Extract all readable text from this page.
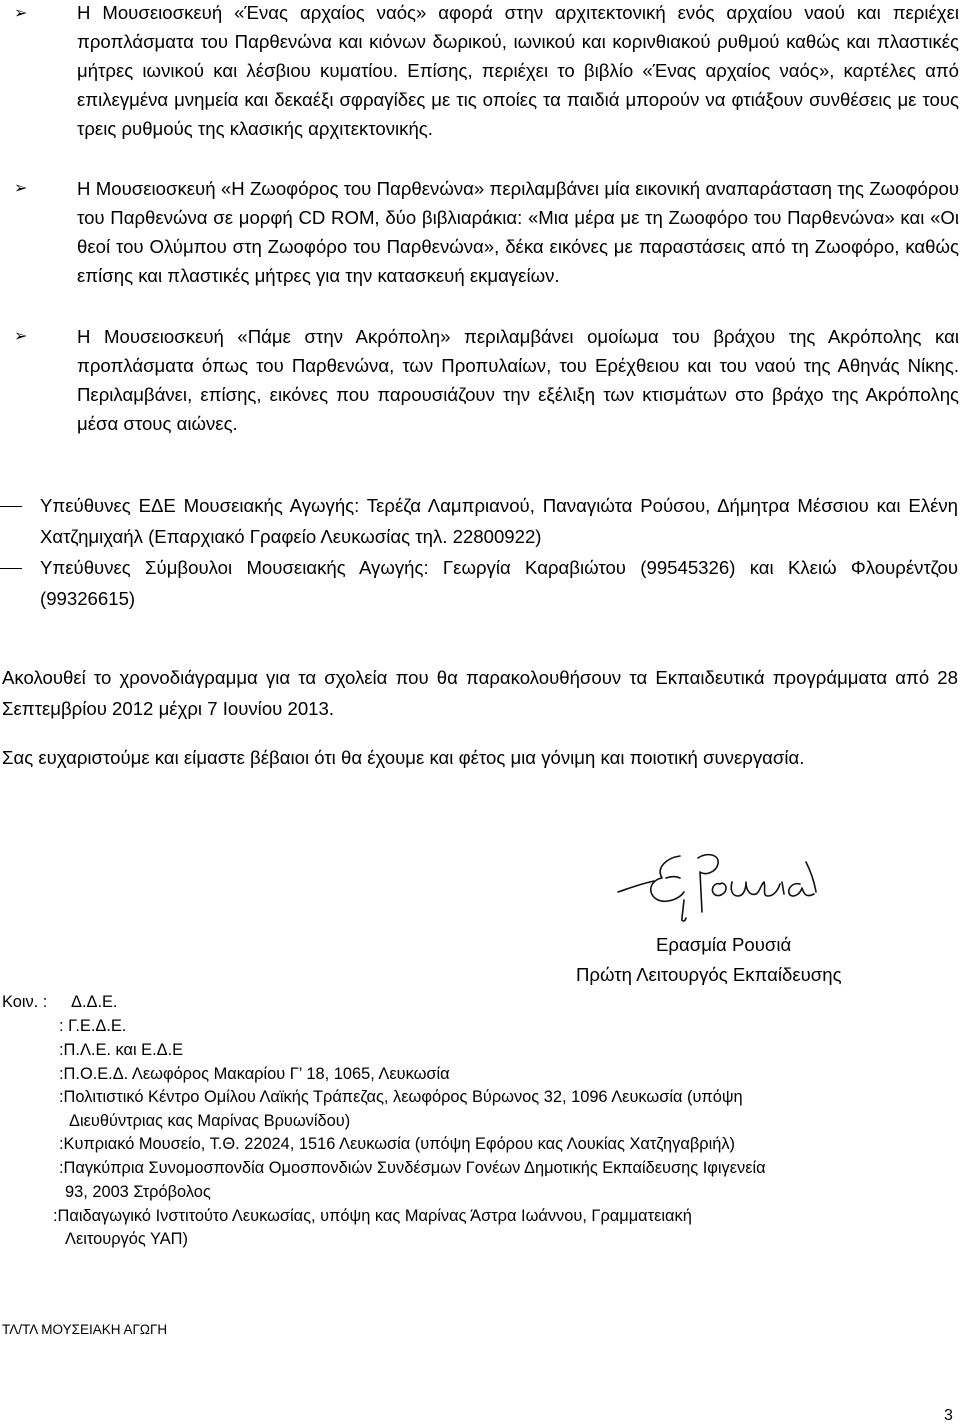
➢	Η Μουσειοσκευή «Ένας αρχαίος ναός» αφορά στην αρχιτεκτονική ενός αρχαίου ναού και περιέχει προπλάσματα του Παρθενώνα και κιόνων δωρικού, ιωνικού και κορινθιακού ρυθμού καθώς και πλαστικές μήτρες ιωνικού και λέσβιου κυματίου. Επίσης, περιέχει το βιβλίο «Ένας αρχαίος ναός», καρτέλες από επιλεγμένα μνημεία και δεκαέξι σφραγίδες με τις οποίες τα παιδιά μπορούν να φτιάξουν συνθέσεις με τους τρεις ρυθμούς της κλασικής αρχιτεκτονικής.
➢	Η Μουσειοσκευή «Η Ζωοφόρος του Παρθενώνα» περιλαμβάνει μία εικονική αναπαράσταση της Ζωοφόρου του Παρθενώνα σε μορφή CD ROM, δύο βιβλιαράκια: «Μια μέρα με τη Ζωοφόρο του Παρθενώνα» και «Οι θεοί του Ολύμπου στη Ζωοφόρο του Παρθενώνα», δέκα εικόνες με παραστάσεις από τη Ζωοφόρο, καθώς επίσης και πλαστικές μήτρες για την κατασκευή εκμαγείων.
➢	Η Μουσειοσκευή «Πάμε στην Ακρόπολη» περιλαμβάνει ομοίωμα του βράχου της Ακρόπολης και προπλάσματα όπως του Παρθενώνα, των Προπυλαίων, του Ερέχθειου και του ναού της Αθηνάς Νίκης. Περιλαμβάνει, επίσης, εικόνες που παρουσιάζουν την εξέλιξη των κτισμάτων στο βράχο της Ακρόπολης μέσα στους αιώνες.
Υπεύθυνες ΕΔΕ Μουσειακής Αγωγής: Τερέζα Λαμπριανού, Παναγιώτα Ρούσου, Δήμητρα Μέσσιου και Ελένη Χατζημιχαήλ (Επαρχιακό Γραφείο Λευκωσίας τηλ. 22800922)
Υπεύθυνες Σύμβουλοι Μουσειακής Αγωγής: Γεωργία Καραβιώτου (99545326) και Κλειώ Φλουρέντζου (99326615)
Ακολουθεί το χρονοδιάγραμμα για τα σχολεία που θα παρακολουθήσουν τα Εκπαιδευτικά προγράμματα από 28 Σεπτεμβρίου 2012 μέχρι 7 Ιουνίου 2013.
Σας ευχαριστούμε και είμαστε βέβαιοι ότι θα έχουμε και φέτος μια γόνιμη και ποιοτική συνεργασία.
Ερασμία Ρουσιά
Πρώτη Λειτουργός Εκπαίδευσης
Κοιν. : Δ.Δ.Ε.
: Γ.Ε.Δ.Ε.
:Π.Λ.Ε. και Ε.Δ.Ε
:Π.Ο.Ε.Δ. Λεωφόρος Μακαρίου Γ’ 18, 1065, Λευκωσία
:Πολιτιστικό Κέντρο Ομίλου Λαϊκής Τράπεζας, λεωφόρος Βύρωνος 32, 1096 Λευκωσία (υπόψη
Διευθύντριας κας Μαρίνας Βρυωνίδου)
:Κυπριακό Μουσείο, Τ.Θ. 22024, 1516 Λευκωσία (υπόψη Εφόρου κας Λουκίας Χατζηγαβριήλ)
:Παγκύπρια Συνομοσπονδία Ομοσπονδιών Συνδέσμων Γονέων Δημοτικής Εκπαίδευσης Ιφιγενεία
93, 2003 Στρόβολος
:Παιδαγωγικό Ινστιτούτο Λευκωσίας, υπόψη κας Μαρίνας Άστρα Ιωάννου, Γραμματειακή
Λειτουργός ΥΑΠ)
ΤΛ/ΤΛ ΜΟΥΣΕΙΑΚΗ ΑΓΩΓΗ
3
